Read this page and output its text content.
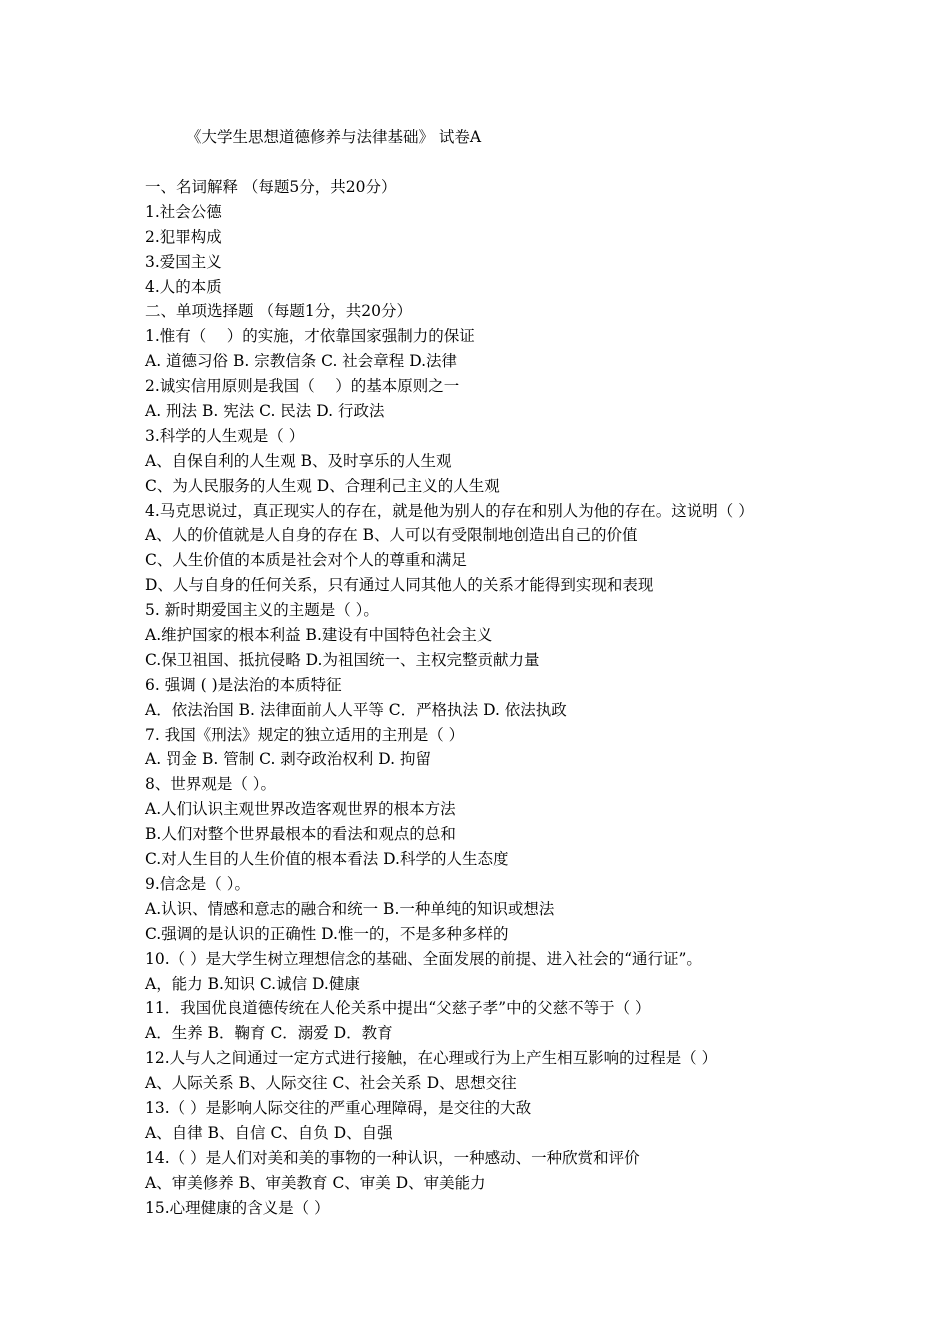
《大学生思想道德修养与法律基础》 试卷A
一、名词解释 （每题5分，共20分）
1.社会公德
2.犯罪构成
3.爱国主义
4.人的本质
二、单项选择题 （每题1分，共20分）
1.惟有（　 ）的实施，才依靠国家强制力的保证
A. 道德习俗 B. 宗教信条 C. 社会章程 D.法律
2.诚实信用原则是我国（　 ）的基本原则之一
A. 刑法 B. 宪法 C. 民法 D. 行政法
3.科学的人生观是（ ）
A、自保自利的人生观 B、及时享乐的人生观
C、为人民服务的人生观 D、合理利己主义的人生观
4.马克思说过，真正现实人的存在，就是他为别人的存在和别人为他的存在。这说明（ ）
A、人的价值就是人自身的存在 B、人可以有受限制地创造出自己的价值
C、人生价值的本质是社会对个人的尊重和满足
D、人与自身的任何关系，只有通过人同其他人的关系才能得到实现和表现
5. 新时期爱国主义的主题是（ ）。
A.维护国家的根本利益 B.建设有中国特色社会主义
C.保卫祖国、抵抗侵略 D.为祖国统一、主权完整贡献力量
6. 强调 ( )是法治的本质特征
A．依法治国 B. 法律面前人人平等 C．严格执法 D. 依法执政
7. 我国《刑法》规定的独立适用的主刑是（ ）
A. 罚金 B. 管制 C. 剥夺政治权利 D. 拘留
8、世界观是（ ）。
A.人们认识主观世界改造客观世界的根本方法
B.人们对整个世界最根本的看法和观点的总和
C.对人生目的人生价值的根本看法 D.科学的人生态度
9.信念是（ ）。
A.认识、情感和意志的融合和统一 B.一种单纯的知识或想法
C.强调的是认识的正确性 D.惟一的，不是多种多样的
10.（ ）是大学生树立理想信念的基础、全面发展的前提、进入社会的“通行证”。
A，能力 B.知识 C.诚信 D.健康
11．我国优良道德传统在人伦关系中提出“父慈子孝”中的父慈不等于（ ）
A．生养 B．鞠育 C．溺爱 D．教育
12.人与人之间通过一定方式进行接触，在心理或行为上产生相互影响的过程是（ ）
A、人际关系 B、人际交往 C、社会关系 D、思想交往
13.（ ）是影响人际交往的严重心理障碍，是交往的大敌
A、自律 B、自信 C、自负 D、自强
14.（ ）是人们对美和美的事物的一种认识，一种感动、一种欣赏和评价
A、审美修养 B、审美教育 C、审美 D、审美能力
15.心理健康的含义是（ ）
